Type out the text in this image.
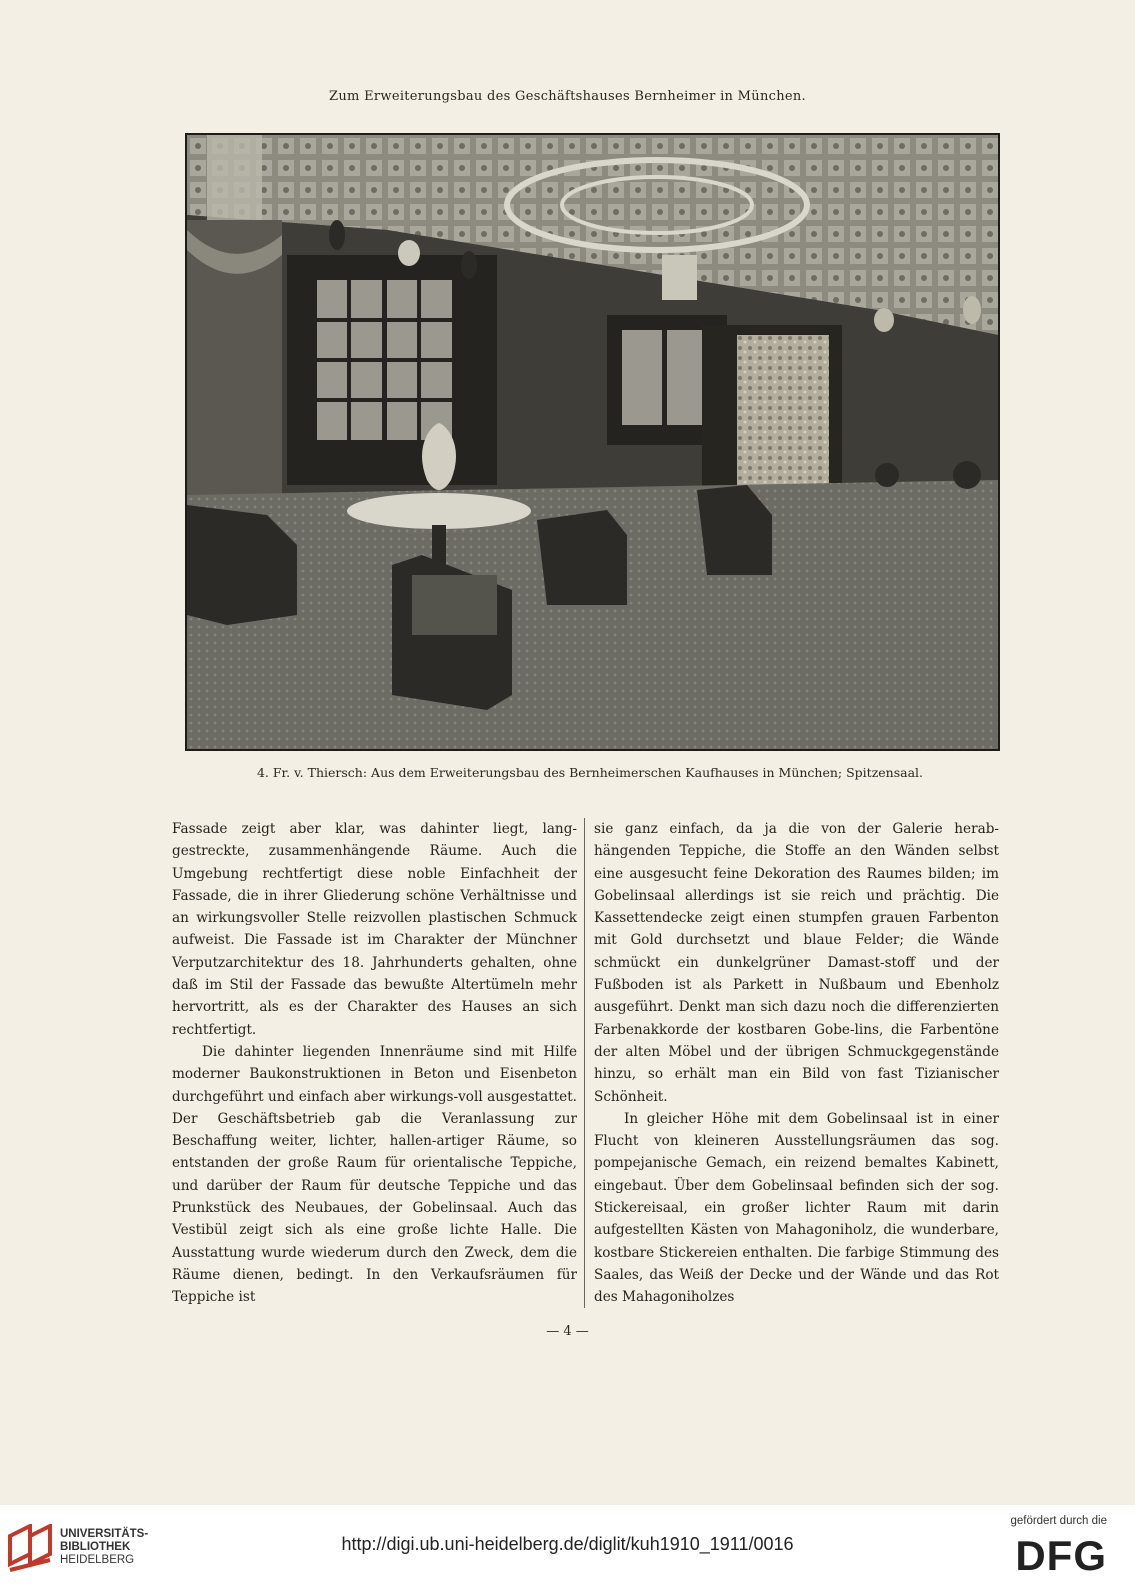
Zum Erweiterungsbau des Geschäftshauses Bernheimer in München.
4. Fr. v. Thiersch: Aus dem Erweiterungsbau des Bernheimerschen Kaufhauses in München; Spitzensaal.

Fassade zeigt aber klar, was dahinter liegt, lang-gestreckte, zusammenhängende Räume. Auch die Umgebung rechtfertigt diese noble Einfachheit der Fassade, die in ihrer Gliederung schöne Verhältnisse und an wirkungsvoller Stelle reizvollen plastischen Schmuck aufweist. Die Fassade ist im Charakter der Münchner Verputzarchitektur des 18. Jahrhunderts gehalten, ohne daß im Stil der Fassade das bewußte Altertümeln mehr hervortritt, als es der Charakter des Hauses an sich rechtfertigt.

Die dahinter liegenden Innenräume sind mit Hilfe moderner Baukonstruktionen in Beton und Eisenbeton durchgeführt und einfach aber wirkungs-voll ausgestattet. Der Geschäftsbetrieb gab die Veranlassung zur Beschaffung weiter, lichter, hallen-artiger Räume, so entstanden der große Raum für orientalische Teppiche, und darüber der Raum für deutsche Teppiche und das Prunkstück des Neubaues, der Gobelinsaal. Auch das Vestibül zeigt sich als eine große lichte Halle. Die Ausstattung wurde wiederum durch den Zweck, dem die Räume dienen, bedingt. In den Verkaufsräumen für Teppiche ist

sie ganz einfach, da ja die von der Galerie herab-hängenden Teppiche, die Stoffe an den Wänden selbst eine ausgesucht feine Dekoration des Raumes bilden; im Gobelinsaal allerdings ist sie reich und prächtig. Die Kassettendecke zeigt einen stumpfen grauen Farbenton mit Gold durchsetzt und blaue Felder; die Wände schmückt ein dunkelgrüner Damast-stoff und der Fußboden ist als Parkett in Nußbaum und Ebenholz ausgeführt. Denkt man sich dazu noch die differenzierten Farbenakkorde der kostbaren Gobe-lins, die Farbentöne der alten Möbel und der übrigen Schmuckgegenstände hinzu, so erhält man ein Bild von fast Tizianischer Schönheit.

In gleicher Höhe mit dem Gobelinsaal ist in einer Flucht von kleineren Ausstellungsräumen das sog. pompejanische Gemach, ein reizend bemaltes Kabinett, eingebaut. Über dem Gobelinsaal befinden sich der sog. Stickereisaal, ein großer lichter Raum mit darin aufgestellten Kästen von Mahagoniholz, die wunderbare, kostbare Stickereien enthalten. Die farbige Stimmung des Saales, das Weiß der Decke und der Wände und das Rot des Mahagoniholzes

— 4 —
UNIVERSITÄTS-
BIBLIOTHEK
HEIDELBERG
http://digi.ub.uni-heidelberg.de/diglit/kuh1910_1911/0016
gefördert durch die
DFG
